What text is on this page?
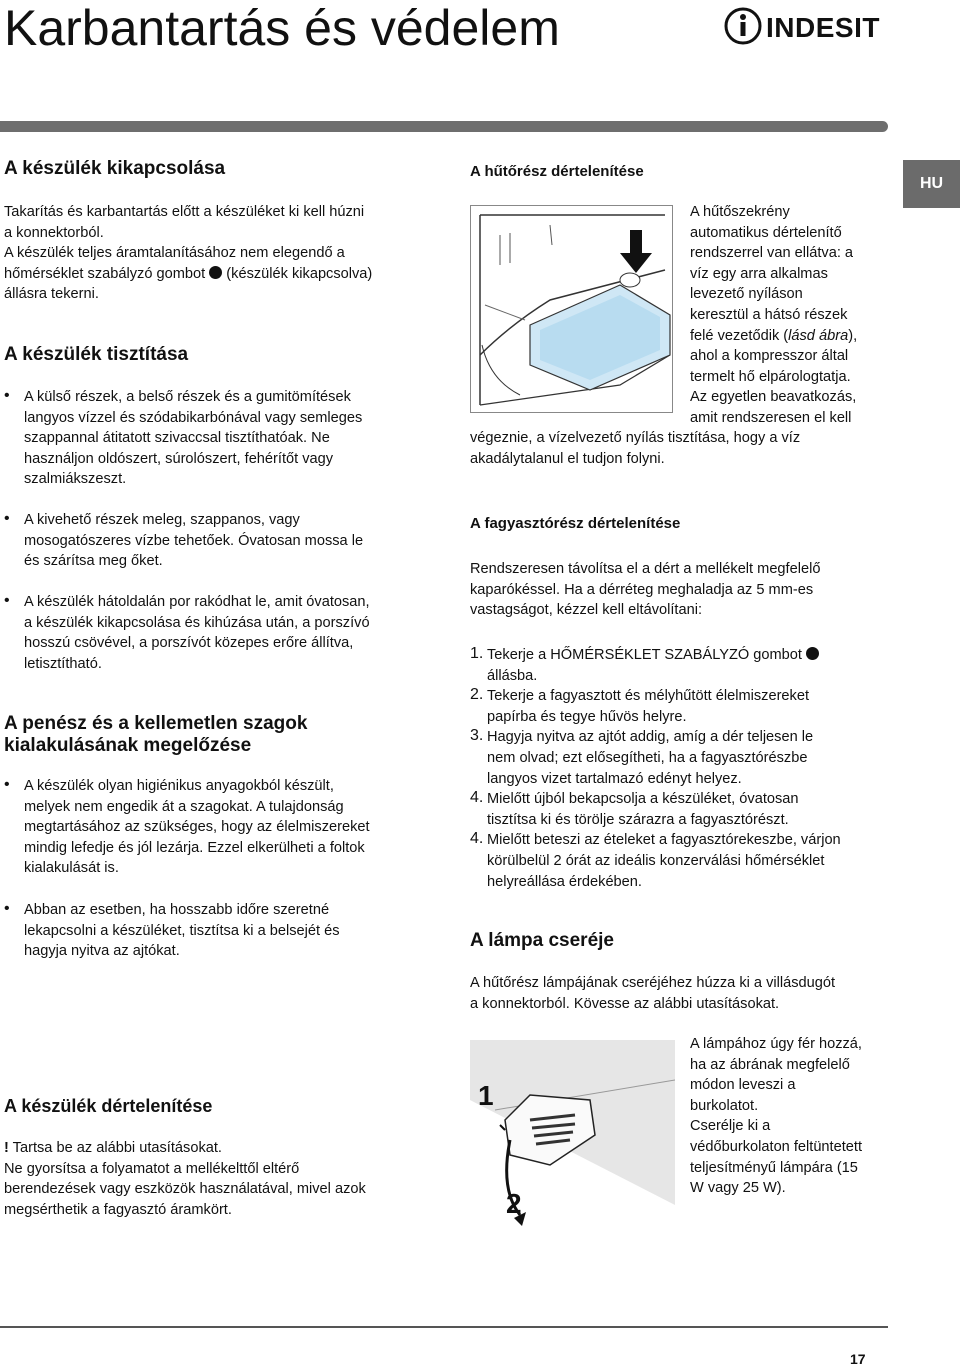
Karbantartás és védelem	INDESIT
HU
A készülék kikapcsolása

Takarítás és karbantartás előtt a készüléket ki kell húzni

a konnektorból.

A készülék teljes áramtalanításához nem elegendő a

hőmérséklet szabályzó gombot (készülék kikapcsolva)

állásra tekerni.

A készülék tisztítása

• A külső részek, a belső részek és a gumitömítések

langyos vízzel és szódabikarbónával vagy semleges

szappannal átitatott szivaccsal tisztíthatóak. Ne

használjon oldószert, súrolószert, fehérítőt vagy

szalmiákszeszt.

• A kivehető részek meleg, szappanos, vagy

mosogatószeres vízbe tehetőek. Óvatosan mossa le

és szárítsa meg őket.

• A készülék hátoldalán por rakódhat le, amit óvatosan,

a készülék kikapcsolása és kihúzása után, a porszívó

hosszú csövével, a porszívót közepes erőre állítva,

letisztítható.

A penész és a kellemetlen szagok
kialakulásának megelőzése

• A készülék olyan higiénikus anyagokból készült,

melyek nem engedik át a szagokat. A tulajdonság

megtartásához az szükséges, hogy az élelmiszereket

mindig lefedje és jól lezárja. Ezzel elkerülheti a foltok

kialakulását is.

• Abban az esetben, ha hosszabb időre szeretné

lekapcsolni a készüléket, tisztítsa ki a belsejét és

hagyja nyitva az ajtókat.

A készülék dértelenítése

! Tartsa be az alábbi utasításokat.

Ne gyorsítsa a folyamatot a mellékelttől eltérő

berendezések vagy eszközök használatával, mivel azok

megsérthetik a fagyasztó áramkört.

A hűtőrész dértelenítése

A hűtőszekrény

automatikus dértelenítő

rendszerrel van ellátva: a

víz egy arra alkalmas

levezető nyíláson

keresztül a hátsó részek

felé vezetődik (lásd ábra),

ahol a kompresszor által

termelt hő elpárologtatja.

Az egyetlen beavatkozás,

amit rendszeresen el kell

végeznie, a vízelvezető nyílás tisztítása, hogy a víz

akadálytalanul el tudjon folyni.

A fagyasztórész dértelenítése

Rendszeresen távolítsa el a dért a mellékelt megfelelő

kaparókéssel. Ha a dérréteg meghaladja az 5 mm-es

vastagságot, kézzel kell eltávolítani:

1. Tekerje a HŐMÉRSÉKLET SZABÁLYZÓ gombot

állásba.

2. Tekerje a fagyasztott és mélyhűtött élelmiszereket

papírba és tegye hűvös helyre.

3. Hagyja nyitva az ajtót addig, amíg a dér teljesen le

nem olvad; ezt elősegítheti, ha a fagyasztórészbe

langyos vizet tartalmazó edényt helyez.

4. Mielőtt újból bekapcsolja a készüléket, óvatosan

tisztítsa ki és törölje szárazra a fagyasztórészt.

4. Mielőtt beteszi az ételeket a fagyasztórekeszbe, várjon

körülbelül 2 órát az ideális konzerválási hőmérséklet

helyreállása érdekében.

A lámpa cseréje

A hűtőrész lámpájának cseréjéhez húzza ki a villásdugót

a konnektorból. Kövesse az alábbi utasításokat.

1
2

A lámpához úgy fér hozzá,

ha az ábrának megfelelő

módon leveszi a

burkolatot.

Cserélje ki a

védőburkolaton feltüntetett

teljesítményű lámpára (15

W vagy 25 W).

17
